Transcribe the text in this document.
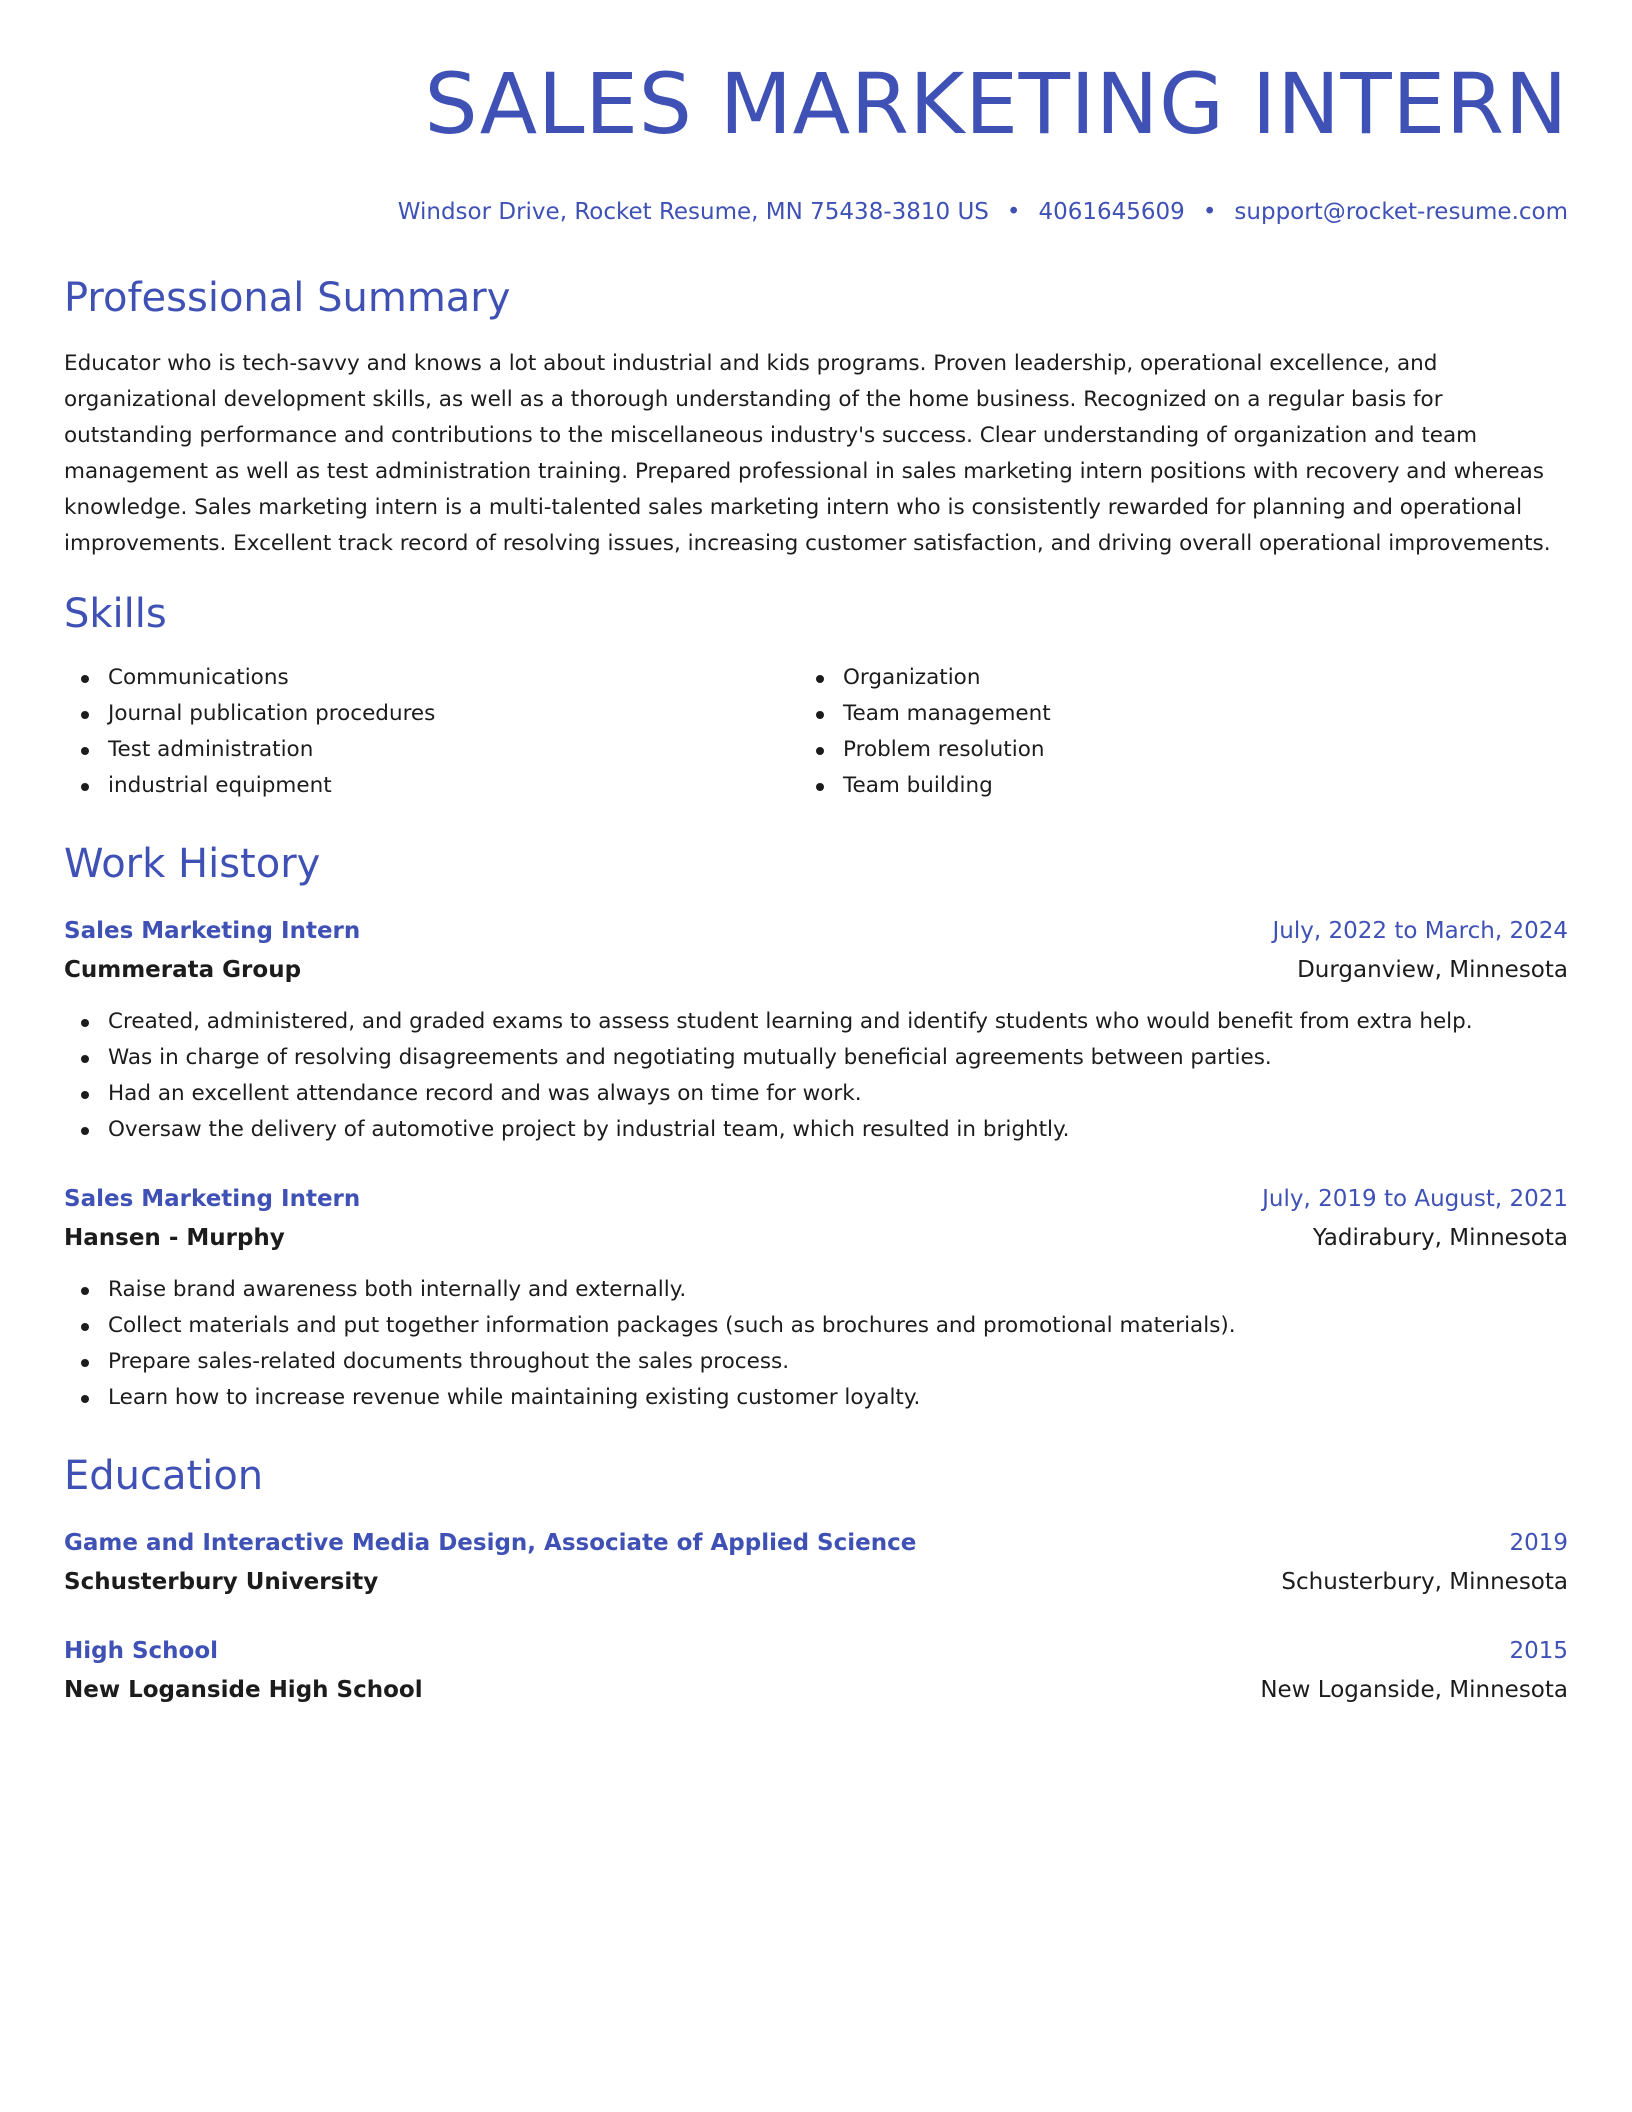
SALES MARKETING INTERN
Windsor Drive, Rocket Resume, MN 75438-3810 US • 4061645609 • support@rocket-resume.com
Professional Summary

Educator who is tech-savvy and knows a lot about industrial and kids programs. Proven leadership, operational excellence, and organizational development skills, as well as a thorough understanding of the home business. Recognized on a regular basis for outstanding performance and contributions to the miscellaneous industry's success. Clear understanding of organization and team management as well as test administration training. Prepared professional in sales marketing intern positions with recovery and whereas knowledge. Sales marketing intern is a multi-talented sales marketing intern who is consistently rewarded for planning and operational improvements. Excellent track record of resolving issues, increasing customer satisfaction, and driving overall operational improvements.

Skills
Communications
Journal publication procedures
Test administration
industrial equipment
Organization
Team management
Problem resolution
Team building
Work History
Sales Marketing Intern	July, 2022 to March, 2024
Cummerata Group	Durganview, Minnesota
Created, administered, and graded exams to assess student learning and identify students who would benefit from extra help.
Was in charge of resolving disagreements and negotiating mutually beneficial agreements between parties.
Had an excellent attendance record and was always on time for work.
Oversaw the delivery of automotive project by industrial team, which resulted in brightly.
Sales Marketing Intern	July, 2019 to August, 2021
Hansen - Murphy	Yadirabury, Minnesota
Raise brand awareness both internally and externally.
Collect materials and put together information packages (such as brochures and promotional materials).
Prepare sales-related documents throughout the sales process.
Learn how to increase revenue while maintaining existing customer loyalty.
Education
Game and Interactive Media Design, Associate of Applied Science	2019
Schusterbury University	Schusterbury, Minnesota
High School	2015
New Loganside High School	New Loganside, Minnesota
